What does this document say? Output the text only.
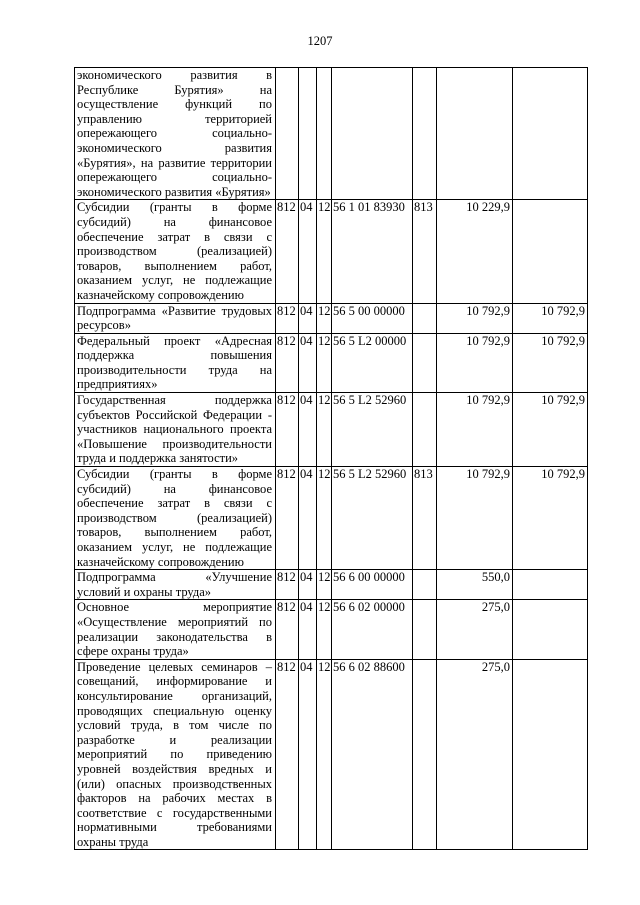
1207
экономического развития в Республике Бурятия» на осуществление функций по управлению территорией опережающего социально-экономического развития «Бурятия», на развитие территории опережающего социально-экономического развития «Бурятия»							
Субсидии (гранты в форме субсидий) на финансовое обеспечение затрат в связи с производством (реализацией) товаров, выполнением работ, оказанием услуг, не подлежащие казначейскому сопровождению	812	04	12	56 1 01 83930	813	10 229,9	
Подпрограмма «Развитие трудовых ресурсов»	812	04	12	56 5 00 00000		10 792,9	10 792,9
Федеральный проект «Адресная поддержка повышения производительности труда на предприятиях»	812	04	12	56 5 L2 00000		10 792,9	10 792,9
Государственная поддержка субъектов Российской Федерации - участников национального проекта «Повышение производительности труда и поддержка занятости»	812	04	12	56 5 L2 52960		10 792,9	10 792,9
Субсидии (гранты в форме субсидий) на финансовое обеспечение затрат в связи с производством (реализацией) товаров, выполнением работ, оказанием услуг, не подлежащие казначейскому сопровождению	812	04	12	56 5 L2 52960	813	10 792,9	10 792,9
Подпрограмма «Улучшение условий и охраны труда»	812	04	12	56 6 00 00000		550,0	
Основное мероприятие «Осуществление мероприятий по реализации законодательства в сфере охраны труда»	812	04	12	56 6 02 00000		275,0	
Проведение целевых семинаров – совещаний, информирование и консультирование организаций, проводящих специальную оценку условий труда, в том числе по разработке и реализации мероприятий по приведению уровней воздействия вредных и (или) опасных производственных факторов на рабочих местах в соответствие с государственными нормативными требованиями охраны труда	812	04	12	56 6 02 88600		275,0	
